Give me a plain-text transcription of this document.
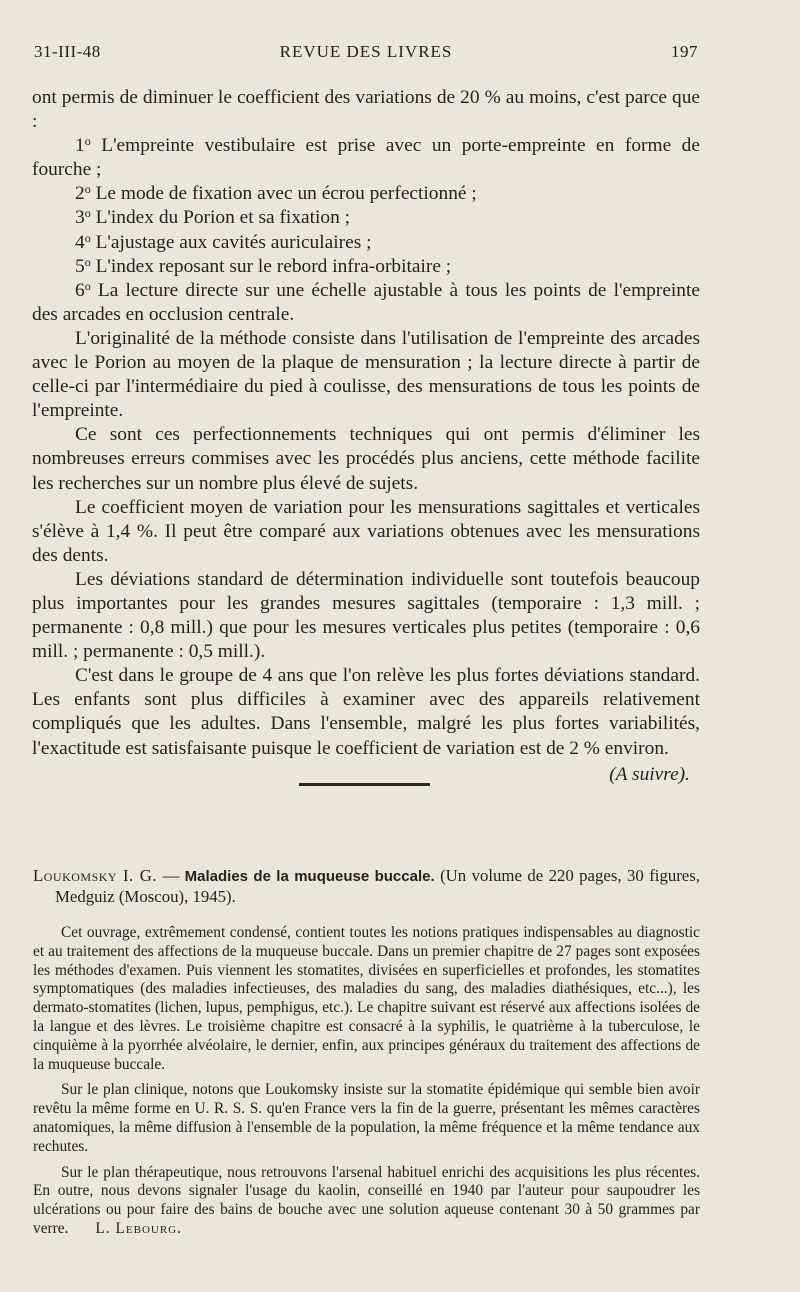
31-III-48	REVUE DES LIVRES	197

ont permis de diminuer le coefficient des variations de 20 % au moins, c'est parce que :

1$^o$ L'empreinte vestibulaire est prise avec un porte-empreinte en forme de fourche ;

2$^o$ Le mode de fixation avec un écrou perfectionné ;

3$^o$ L'index du Porion et sa fixation ;

4$^o$ L'ajustage aux cavités auriculaires ;

5$^o$ L'index reposant sur le rebord infra-orbitaire ;

6$^o$ La lecture directe sur une échelle ajustable à tous les points de l'empreinte des arcades en occlusion centrale.

L'originalité de la méthode consiste dans l'utilisation de l'empreinte des arcades avec le Porion au moyen de la plaque de mensuration ; la lecture directe à partir de celle-ci par l'intermédiaire du pied à coulisse, des mensurations de tous les points de l'empreinte.

Ce sont ces perfectionnements techniques qui ont permis d'éliminer les nombreuses erreurs commises avec les procédés plus anciens, cette méthode facilite les recherches sur un nombre plus élevé de sujets.

Le coefficient moyen de variation pour les mensurations sagittales et verticales s'élève à 1,4 %. Il peut être comparé aux variations obtenues avec les mensurations des dents.

Les déviations standard de détermination individuelle sont toutefois beaucoup plus importantes pour les grandes mesures sagittales (temporaire : 1,3 mill. ; permanente : 0,8 mill.) que pour les mesures verticales plus petites (temporaire : 0,6 mill. ; permanente : 0,5 mill.).

C'est dans le groupe de 4 ans que l'on relève les plus fortes déviations standard. Les enfants sont plus difficiles à examiner avec des appareils relativement compliqués que les adultes. Dans l'ensemble, malgré les plus fortes variabilités, l'exactitude est satisfaisante puisque le coefficient de variation est de 2 % environ.

(A suivre).
Loukomsky I. G. — Maladies de la muqueuse buccale. (Un volume de 220 pages, 30 figures, Medguiz (Moscou), 1945).

Cet ouvrage, extrêmement condensé, contient toutes les notions pratiques indispensables au diagnostic et au traitement des affections de la muqueuse buccale. Dans un premier chapitre de 27 pages sont exposées les méthodes d'examen. Puis viennent les stomatites, divisées en superficielles et profondes, les stomatites symptomatiques (des maladies infectieuses, des maladies du sang, des maladies diathésiques, etc...), les dermato-stomatites (lichen, lupus, pemphigus, etc.). Le chapitre suivant est réservé aux affections isolées de la langue et des lèvres. Le troisième chapitre est consacré à la syphilis, le quatrième à la tuberculose, le cinquième à la pyorrhée alvéolaire, le dernier, enfin, aux principes généraux du traitement des affections de la muqueuse buccale.

Sur le plan clinique, notons que Loukomsky insiste sur la stomatite épidémique qui semble bien avoir revêtu la même forme en U. R. S. S. qu'en France vers la fin de la guerre, présentant les mêmes caractères anatomiques, la même diffusion à l'ensemble de la population, la même fréquence et la même tendance aux rechutes.

Sur le plan thérapeutique, nous retrouvons l'arsenal habituel enrichi des acquisitions les plus récentes. En outre, nous devons signaler l'usage du kaolin, conseillé en 1940 par l'auteur pour saupoudrer les ulcérations ou pour faire des bains de bouche avec une solution aqueuse contenant 30 à 50 grammes par verre. L. Lebourg.
